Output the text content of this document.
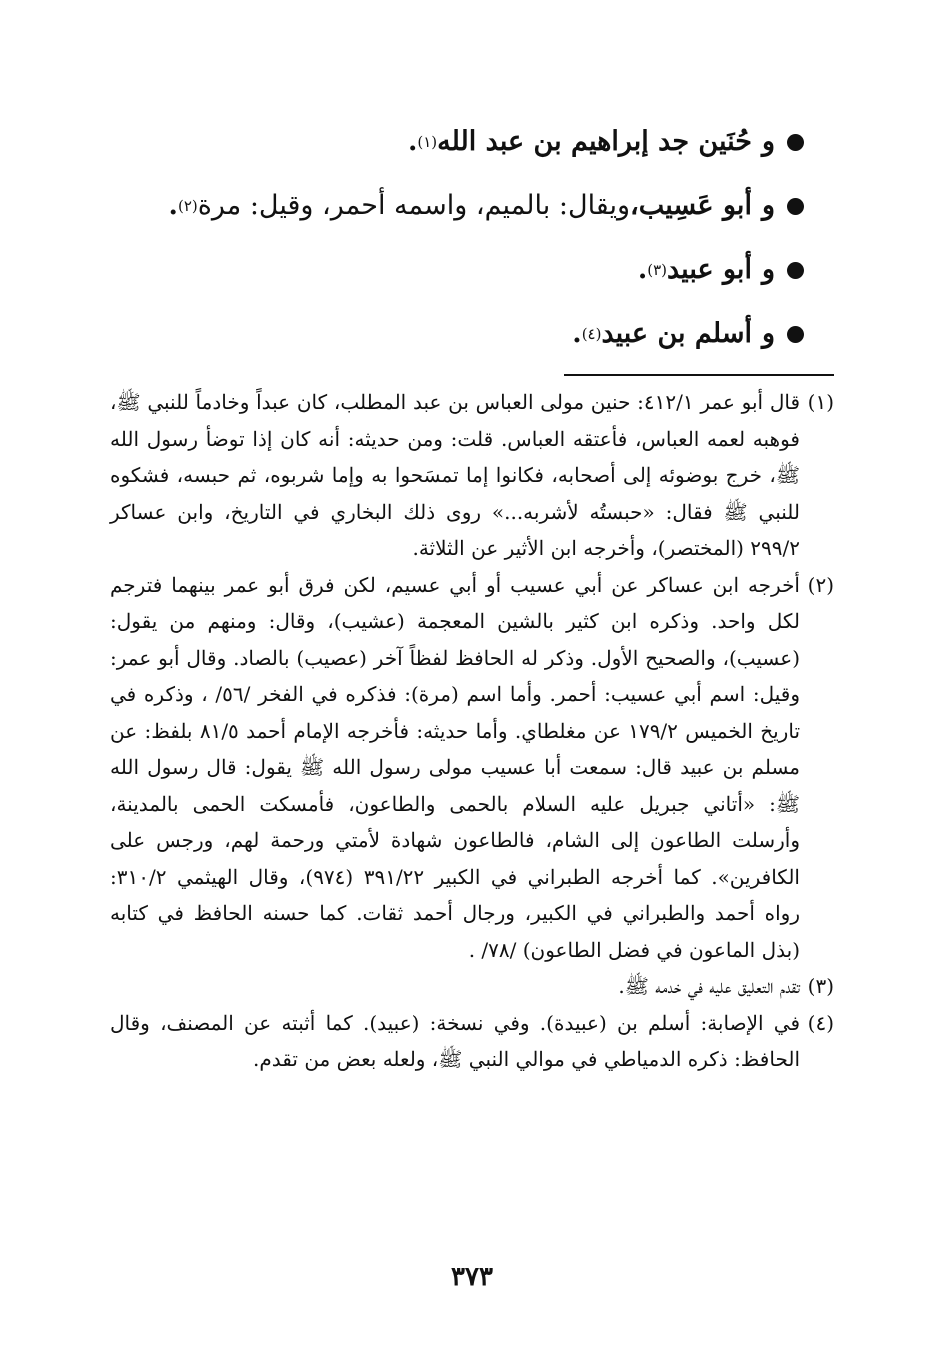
و
حُنَين جد إبراهيم بن عبد الله
(١)
.
و
أبو عَسِيب،
ويقال: بالميم، واسمه أحمر، وقيل: مرة
(٢)
.
و
أبو عبيد
(٣)
.
و
أسلم بن عبيد
(٤)
.
(١)
قال أبو عمر ٤١٢/١: حنين مولى العباس بن عبد المطلب، كان عبداً وخادماً للنبي ﷺ، فوهبه لعمه العباس، فأعتقه العباس. قلت: ومن حديثه: أنه كان إذا توضأ رسول الله ﷺ، خرج بوضوئه إلى أصحابه، فكانوا إما تمسَحوا به وإما شربوه، ثم حبسه، فشكوه للنبي ﷺ فقال: «حبستُه لأشربه...» روى ذلك البخاري في التاريخ، وابن عساكر ٢٩٩/٢ (المختصر)، وأخرجه ابن الأثير عن الثلاثة.
(٢)
أخرجه ابن عساكر عن أبي عسيب أو أبي عسيم، لكن فرق أبو عمر بينهما فترجم لكل واحد. وذكره ابن كثير بالشين المعجمة (عشيب)، وقال: ومنهم من يقول: (عسيب)، والصحيح الأول. وذكر له الحافظ لفظاً آخر (عصيب) بالصاد. وقال أبو عمر: وقيل: اسم أبي عسيب: أحمر. وأما اسم (مرة): فذكره في الفخر /٥٦/ ، وذكره في تاريخ الخميس ١٧٩/٢ عن مغلطاي. وأما حديثه: فأخرجه الإمام أحمد ٨١/٥ بلفظ: عن مسلم بن عبيد قال: سمعت أبا عسيب مولى رسول الله ﷺ يقول: قال رسول الله ﷺ: «أتاني جبريل عليه السلام بالحمى والطاعون، فأمسكت الحمى بالمدينة، وأرسلت الطاعون إلى الشام، فالطاعون شهادة لأمتي ورحمة لهم، ورجس على الكافرين». كما أخرجه الطبراني في الكبير ٣٩١/٢٢ (٩٧٤)، وقال الهيثمي ٣١٠/٢: رواه أحمد والطبراني في الكبير، ورجال أحمد ثقات. كما حسنه الحافظ في كتابه (بذل الماعون في فضل الطاعون) /٧٨/ .
(٣)
تقدم التعليق عليه في خدمه ﷺ.
(٤)
في الإصابة: أسلم بن (عبيدة). وفي نسخة: (عبيد). كما أثبته عن المصنف، وقال الحافظ: ذكره الدمياطي في موالي النبي ﷺ، ولعله بعض من تقدم.
٣٧٣
